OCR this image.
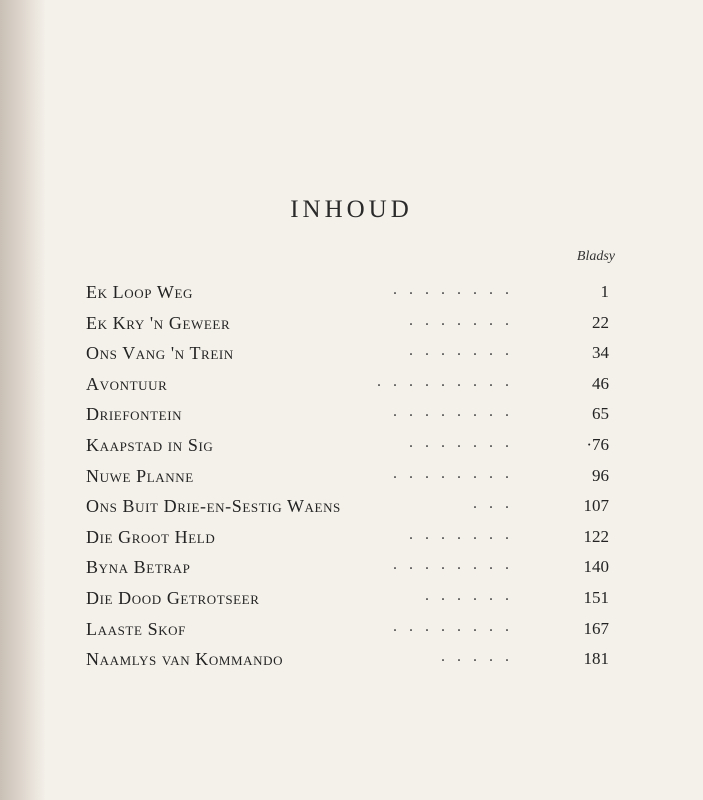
INHOUD
Bladsy
Ek Loop Weg	........	1
Ek Kry 'n Geweer	.......	22
Ons Vang 'n Trein	.......	34
Avontuur	.........	46
Driefontein	........	65
Kaapstad in Sig	.......	·76
Nuwe Planne	........	96
Ons Buit Drie-en-Sestig Waens	...	107
Die Groot Held	.......	122
Byna Betrap	........	140
Die Dood Getrotseer	......	151
Laaste Skof	........	167
Naamlys van Kommando	.....	181
